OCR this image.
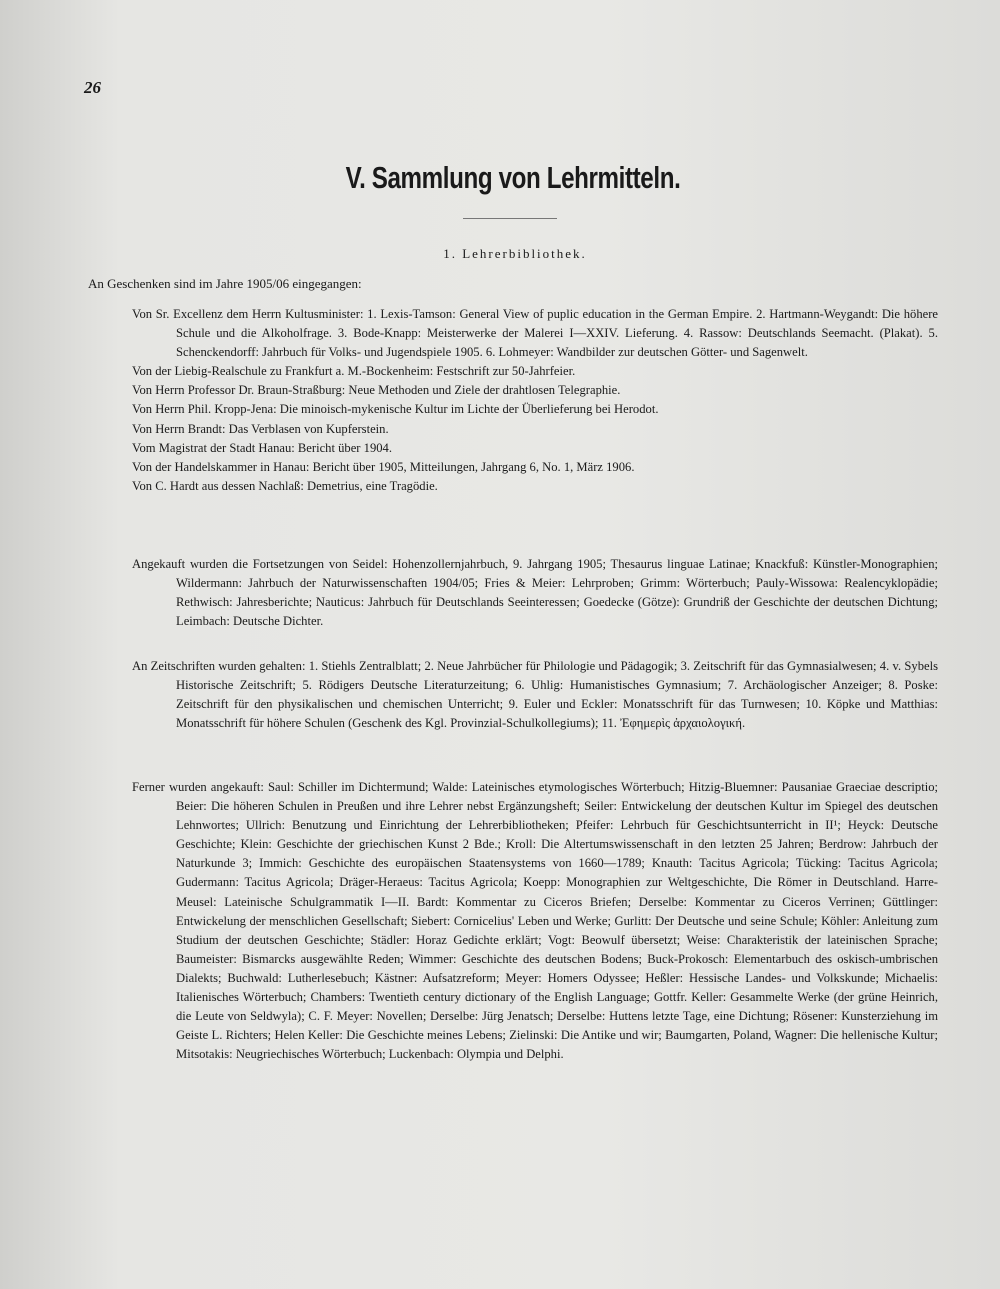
26
V. Sammlung von Lehrmitteln.
1. Lehrerbibliothek.
An Geschenken sind im Jahre 1905/06 eingegangen:

Von Sr. Excellenz dem Herrn Kultusminister: 1. Lexis-Tamson: General View of puplic education in the German Empire. 2. Hartmann-Weygandt: Die höhere Schule und die Alkoholfrage. 3. Bode-Knapp: Meisterwerke der Malerei I—XXIV. Lieferung. 4. Rassow: Deutschlands Seemacht. (Plakat). 5. Schenckendorff: Jahrbuch für Volks- und Jugendspiele 1905. 6. Lohmeyer: Wandbilder zur deutschen Götter- und Sagenwelt.

Von der Liebig-Realschule zu Frankfurt a. M.-Bockenheim: Festschrift zur 50-Jahrfeier.

Von Herrn Professor Dr. Braun-Straßburg: Neue Methoden und Ziele der drahtlosen Telegraphie.

Von Herrn Phil. Kropp-Jena: Die minoisch-mykenische Kultur im Lichte der Überlieferung bei Herodot.

Von Herrn Brandt: Das Verblasen von Kupferstein.

Vom Magistrat der Stadt Hanau: Bericht über 1904.

Von der Handelskammer in Hanau: Bericht über 1905, Mitteilungen, Jahrgang 6, No. 1, März 1906.

Von C. Hardt aus dessen Nachlaß: Demetrius, eine Tragödie.

Angekauft wurden die Fortsetzungen von Seidel: Hohenzollernjahrbuch, 9. Jahrgang 1905; Thesaurus linguae Latinae; Knackfuß: Künstler-Monographien; Wildermann: Jahrbuch der Naturwissenschaften 1904/05; Fries & Meier: Lehrproben; Grimm: Wörterbuch; Pauly-Wissowa: Realencyklopädie; Rethwisch: Jahresberichte; Nauticus: Jahrbuch für Deutschlands Seeinteressen; Goedecke (Götze): Grundriß der Geschichte der deutschen Dichtung; Leimbach: Deutsche Dichter.

An Zeitschriften wurden gehalten: 1. Stiehls Zentralblatt; 2. Neue Jahrbücher für Philologie und Pädagogik; 3. Zeitschrift für das Gymnasialwesen; 4. v. Sybels Historische Zeitschrift; 5. Rödigers Deutsche Literaturzeitung; 6. Uhlig: Humanistisches Gymnasium; 7. Archäologischer Anzeiger; 8. Poske: Zeitschrift für den physikalischen und chemischen Unterricht; 9. Euler und Eckler: Monatsschrift für das Turnwesen; 10. Köpke und Matthias: Monatsschrift für höhere Schulen (Geschenk des Kgl. Provinzial-Schulkollegiums); 11. Ἐφημερὶς ἀρχαιολογική.

Ferner wurden angekauft: Saul: Schiller im Dichtermund; Walde: Lateinisches etymologisches Wörterbuch; Hitzig-Bluemner: Pausaniae Graeciae descriptio; Beier: Die höheren Schulen in Preußen und ihre Lehrer nebst Ergänzungsheft; Seiler: Entwickelung der deutschen Kultur im Spiegel des deutschen Lehnwortes; Ullrich: Benutzung und Einrichtung der Lehrerbibliotheken; Pfeifer: Lehrbuch für Geschichtsunterricht in II¹; Heyck: Deutsche Geschichte; Klein: Geschichte der griechischen Kunst 2 Bde.; Kroll: Die Altertumswissenschaft in den letzten 25 Jahren; Berdrow: Jahrbuch der Naturkunde 3; Immich: Geschichte des europäischen Staatensystems von 1660—1789; Knauth: Tacitus Agricola; Tücking: Tacitus Agricola; Gudermann: Tacitus Agricola; Dräger-Heraeus: Tacitus Agricola; Koepp: Monographien zur Weltgeschichte, Die Römer in Deutschland. Harre-Meusel: Lateinische Schulgrammatik I—II. Bardt: Kommentar zu Ciceros Briefen; Derselbe: Kommentar zu Ciceros Verrinen; Güttlinger: Entwickelung der menschlichen Gesellschaft; Siebert: Cornicelius' Leben und Werke; Gurlitt: Der Deutsche und seine Schule; Köhler: Anleitung zum Studium der deutschen Geschichte; Städler: Horaz Gedichte erklärt; Vogt: Beowulf übersetzt; Weise: Charakteristik der lateinischen Sprache; Baumeister: Bismarcks ausgewählte Reden; Wimmer: Geschichte des deutschen Bodens; Buck-Prokosch: Elementarbuch des oskisch-umbrischen Dialekts; Buchwald: Lutherlesebuch; Kästner: Aufsatzreform; Meyer: Homers Odyssee; Heßler: Hessische Landes- und Volkskunde; Michaelis: Italienisches Wörterbuch; Chambers: Twentieth century dictionary of the English Language; Gottfr. Keller: Gesammelte Werke (der grüne Heinrich, die Leute von Seldwyla); C. F. Meyer: Novellen; Derselbe: Jürg Jenatsch; Derselbe: Huttens letzte Tage, eine Dichtung; Rösener: Kunsterziehung im Geiste L. Richters; Helen Keller: Die Geschichte meines Lebens; Zielinski: Die Antike und wir; Baumgarten, Poland, Wagner: Die hellenische Kultur; Mitsotakis: Neugriechisches Wörterbuch; Luckenbach: Olympia und Delphi.
